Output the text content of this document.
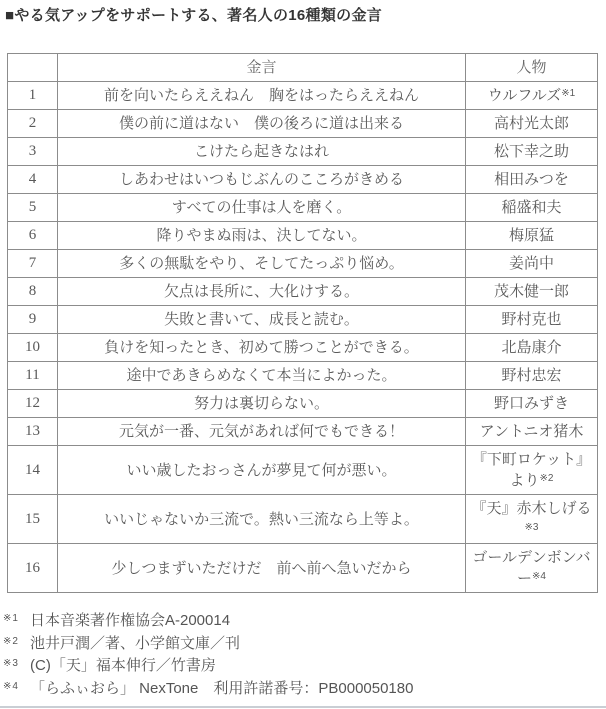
■やる気アップをサポートする、著名人の16種類の金言
	金言	人物
1	前を向いたらええねん　胸をはったらええねん	ウルフルズ$^{※1}$
2	僕の前に道はない　僕の後ろに道は出来る	高村光太郎
3	こけたら起きなはれ	松下幸之助
4	しあわせはいつもじぶんのこころがきめる	相田みつを
5	すべての仕事は人を磨く。	稲盛和夫
6	降りやまぬ雨は、決してない。	梅原猛
7	多くの無駄をやり、そしてたっぷり悩め。	姜尚中
8	欠点は長所に、大化けする。	茂木健一郎
9	失敗と書いて、成長と読む。	野村克也
10	負けを知ったとき、初めて勝つことができる。	北島康介
11	途中であきらめなくて本当によかった。	野村忠宏
12	努力は裏切らない。	野口みずき
13	元気が一番、元気があれば何でもできる！	アントニオ猪木
14	いい歳したおっさんが夢見て何が悪い。	『下町ロケット』より$^{※2}$
15	いいじゃないか三流で。熱い三流なら上等よ。	『天』赤木しげる$^{※3}$
16	少しつまずいただけだ　前へ前へ急いだから	ゴールデンボンバー$^{※4}$
※1 日本音楽著作権協会A-200014
※2 池井戸潤／著、小学館文庫／刊
※3 (C)「天」福本伸行／竹書房
※4 「らふぃおら」 NexTone　利用許諾番号：PB000050180
